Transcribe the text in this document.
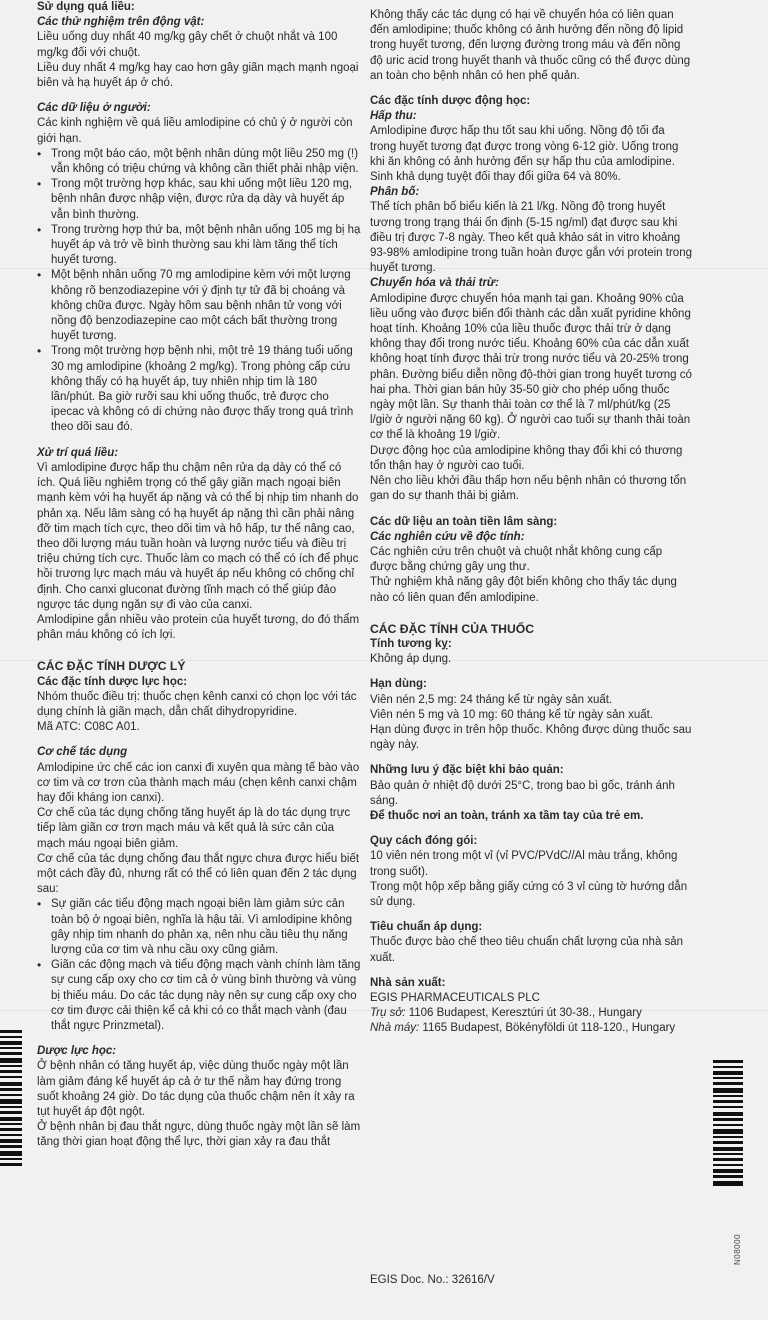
Sử dụng quá liều:

Các thử nghiệm trên động vật:

Liều uống duy nhất 40 mg/kg gây chết ở chuột nhắt và 100 mg/kg đối với chuột.

Liều duy nhất 4 mg/kg hay cao hơn gây giãn mạch mạnh ngoại biên và hạ huyết áp ở chó.

Các dữ liệu ở người:

Các kinh nghiệm về quá liều amlodipine có chủ ý ở người còn giới hạn.

• Trong một báo cáo, một bệnh nhân dùng một liều 250 mg (!) vẫn không có triệu chứng và không cần thiết phải nhập viện.
• Trong một trường hợp khác, sau khi uống một liều 120 mg, bệnh nhân được nhập viện, được rửa dạ dày và huyết áp vẫn bình thường.
• Trong trường hợp thứ ba, một bệnh nhân uống 105 mg bị hạ huyết áp và trở về bình thường sau khi làm tăng thể tích huyết tương.
• Một bệnh nhân uống 70 mg amlodipine kèm với một lượng không rõ benzodiazepine với ý định tự tử đã bị choáng và không chữa được. Ngày hôm sau bệnh nhân tử vong với nồng độ benzodiazepine cao một cách bất thường trong huyết tương.
• Trong một trường hợp bệnh nhi, một trẻ 19 tháng tuổi uống 30 mg amlodipine (khoảng 2 mg/kg). Trong phòng cấp cứu không thấy có hạ huyết áp, tuy nhiên nhịp tim là 180 lần/phút. Ba giờ rưỡi sau khi uống thuốc, trẻ được cho ipecac và không có di chứng nào được thấy trong quá trình theo dõi sau đó.

Xử trí quá liều:

Vì amlodipine được hấp thu chậm nên rửa dạ dày có thể có ích. Quá liều nghiêm trọng có thể gây giãn mạch ngoại biên mạnh kèm với hạ huyết áp nặng và có thể bị nhịp tim nhanh do phản xạ. Nếu lâm sàng có hạ huyết áp nặng thì cần phải nâng đỡ tim mạch tích cực, theo dõi tim và hô hấp, tư thế nâng cao, theo dõi lượng máu tuần hoàn và lượng nước tiểu và điều trị triệu chứng tích cực. Thuốc làm co mạch có thể có ích để phục hồi trương lực mạch máu và huyết áp nếu không có chống chỉ định. Cho canxi gluconat đường tĩnh mạch có thể giúp đảo ngược tác dụng ngăn sự đi vào của canxi.

Amlodipine gắn nhiều vào protein của huyết tương, do đó thẩm phân máu không có ích lợi.

CÁC ĐẶC TÍNH DƯỢC LÝ

Các đặc tính dược lực học:

Nhóm thuốc điều trị: thuốc chẹn kênh canxi có chọn lọc với tác dụng chính là giãn mạch, dẫn chất dihydropyridine.

Mã ATC: C08C A01.

Cơ chế tác dụng

Amlodipine ức chế các ion canxi đi xuyên qua màng tế bào vào cơ tim và cơ trơn của thành mạch máu (chẹn kênh canxi chậm hay đối kháng ion canxi).

Cơ chế của tác dụng chống tăng huyết áp là do tác dụng trực tiếp làm giãn cơ trơn mạch máu và kết quả là sức cản của mạch máu ngoại biên giảm.

Cơ chế của tác dụng chống đau thắt ngực chưa được hiểu biết một cách đầy đủ, nhưng rất có thể có liên quan đến 2 tác dụng sau:

• Sự giãn các tiểu động mạch ngoại biên làm giảm sức cản toàn bộ ở ngoại biên, nghĩa là hậu tải. Vì amlodipine không gây nhịp tim nhanh do phản xạ, nên nhu cầu tiêu thụ năng lượng của cơ tim và nhu cầu oxy cũng giảm.
• Giãn các động mạch và tiểu động mạch vành chính làm tăng sự cung cấp oxy cho cơ tim cả ở vùng bình thường và vùng bị thiếu máu. Do các tác dụng này nên sự cung cấp oxy cho cơ tim được cải thiện kể cả khi có co thắt mạch vành (đau thắt ngực Prinzmetal).

Dược lực học:

Ở bệnh nhân có tăng huyết áp, việc dùng thuốc ngày một lần làm giảm đáng kể huyết áp cả ở tư thế nằm hay đứng trong suốt khoảng 24 giờ. Do tác dụng của thuốc chậm nên ít xảy ra tụt huyết áp đột ngột.

Ở bệnh nhân bị đau thắt ngực, dùng thuốc ngày một lần sẽ làm tăng thời gian hoạt động thể lực, thời gian xảy ra đau thắt

Không thấy các tác dụng có hại về chuyển hóa có liên quan đến amlodipine; thuốc không có ảnh hưởng đến nồng độ lipid trong huyết tương, đến lượng đường trong máu và đến nồng độ uric acid trong huyết thanh và thuốc cũng có thể được dùng an toàn cho bệnh nhân có hen phế quản.

Các đặc tính dược động học:

Hấp thu:

Amlodipine được hấp thu tốt sau khi uống. Nồng độ tối đa trong huyết tương đạt được trong vòng 6-12 giờ. Uống trong khi ăn không có ảnh hưởng đến sự hấp thu của amlodipine. Sinh khả dụng tuyệt đối thay đổi giữa 64 và 80%.

Phân bố:

Thể tích phân bố biểu kiến là 21 l/kg. Nồng độ trong huyết tương trong trạng thái ổn định (5-15 ng/ml) đạt được sau khi điều trị được 7-8 ngày. Theo kết quả khảo sát in vitro khoảng 93-98% amlodipine trong tuần hoàn được gắn với protein trong huyết tương.

Chuyển hóa và thải trừ:

Amlodipine được chuyển hóa mạnh tại gan. Khoảng 90% của liều uống vào được biến đổi thành các dẫn xuất pyridine không hoạt tính. Khoảng 10% của liều thuốc được thải trừ ở dạng không thay đổi trong nước tiểu. Khoảng 60% của các dẫn xuất không hoạt tính được thải trừ trong nước tiểu và 20-25% trong phân. Đường biểu diễn nồng độ-thời gian trong huyết tương có hai pha. Thời gian bán hủy 35-50 giờ cho phép uống thuốc ngày một lần. Sự thanh thải toàn cơ thể là 7 ml/phút/kg (25 l/giờ ở người nặng 60 kg). Ở người cao tuổi sự thanh thải toàn cơ thể là khoảng 19 l/giờ.

Dược động học của amlodipine không thay đổi khi có thương tổn thận hay ở người cao tuổi.

Nên cho liều khởi đầu thấp hơn nếu bệnh nhân có thương tổn gan do sự thanh thải bị giảm.

Các dữ liệu an toàn tiền lâm sàng:

Các nghiên cứu về độc tính:

Các nghiên cứu trên chuột và chuột nhắt không cung cấp được bằng chứng gây ung thư.

Thử nghiệm khả năng gây đột biến không cho thấy tác dụng nào có liên quan đến amlodipine.

CÁC ĐẶC TÍNH CỦA THUỐC

Tính tương kỵ:

Không áp dụng.

Hạn dùng:

Viên nén 2,5 mg: 24 tháng kể từ ngày sản xuất.

Viên nén 5 mg và 10 mg: 60 tháng kể từ ngày sản xuất.

Hạn dùng được in trên hộp thuốc. Không được dùng thuốc sau ngày này.

Những lưu ý đặc biệt khi bảo quản:

Bảo quản ở nhiệt độ dưới 25°C, trong bao bì gốc, tránh ánh sáng.

Để thuốc nơi an toàn, tránh xa tầm tay của trẻ em.

Quy cách đóng gói:

10 viên nén trong một vỉ (vỉ PVC/PVdC//Al màu trắng, không trong suốt).

Trong một hộp xếp bằng giấy cứng có 3 vỉ cùng tờ hướng dẫn sử dụng.

Tiêu chuẩn áp dụng:

Thuốc được bào chế theo tiêu chuẩn chất lượng của nhà sản xuất.

Nhà sản xuất:

EGIS PHARMACEUTICALS PLC

Trụ sở: 1106 Budapest, Keresztúri út 30-38., Hungary

Nhà máy: 1165 Budapest, Bökényföldi út 118-120., Hungary

EGIS Doc. No.: 32616/V
N08000
